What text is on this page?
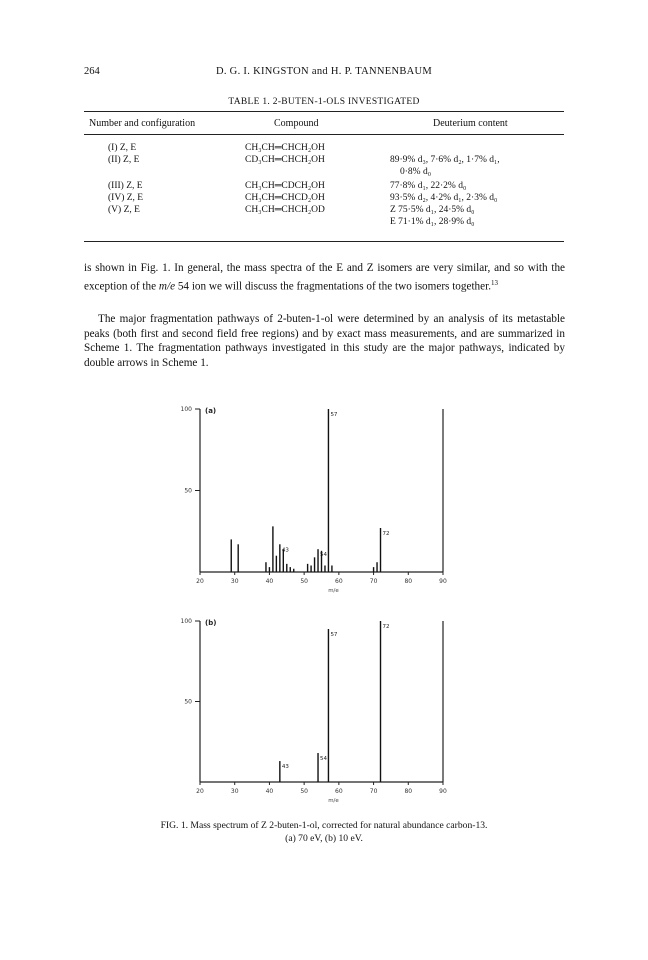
264	D. G. I. KINGSTON and H. P. TANNENBAUM
TABLE 1. 2-BUTEN-1-OLS INVESTIGATED
Number and configuration	Compound	Deuterium content
(I) Z, E	CH₃CH═CHCH₂OH
(II) Z, E	CD₃CH═CHCH₂OH	89·9% d₃, 7·6% d₂, 1·7% d₁,
0·8% d₀
(III) Z, E	CH₃CH═CDCH₂OH	77·8% d₁, 22·2% d₀
(IV) Z, E	CH₃CH═CHCD₂OH	93·5% d₂, 4·2% d₁, 2·3% d₀
(V) Z, E	CH₃CH═CHCH₂OD	Z 75·5% d₁, 24·5% d₀
E 71·1% d₁, 28·9% d₀

is shown in Fig. 1. In general, the mass spectra of the E and Z isomers are very similar, and so with the exception of the m/e 54 ion we will discuss the fragmentations of the two isomers together.$^{13}$

The major fragmentation pathways of 2-buten-1-ol were determined by an analysis of its metastable peaks (both first and second field free regions) and by exact mass measurements, and are summarized in Scheme 1. The fragmentation pathways investigated in this study are the major pathways, indicated by double arrows in Scheme 1.

100
50
20	30	40	50	60	70	80	90
m/e
(a)
43
54
57
72
100
50
20	30	40	50	60	70	80	90
m/e
(b)
43
54
57
72
FIG. 1. Mass spectrum of Z 2-buten-1-ol, corrected for natural abundance carbon-13.
(a) 70 eV, (b) 10 eV.
